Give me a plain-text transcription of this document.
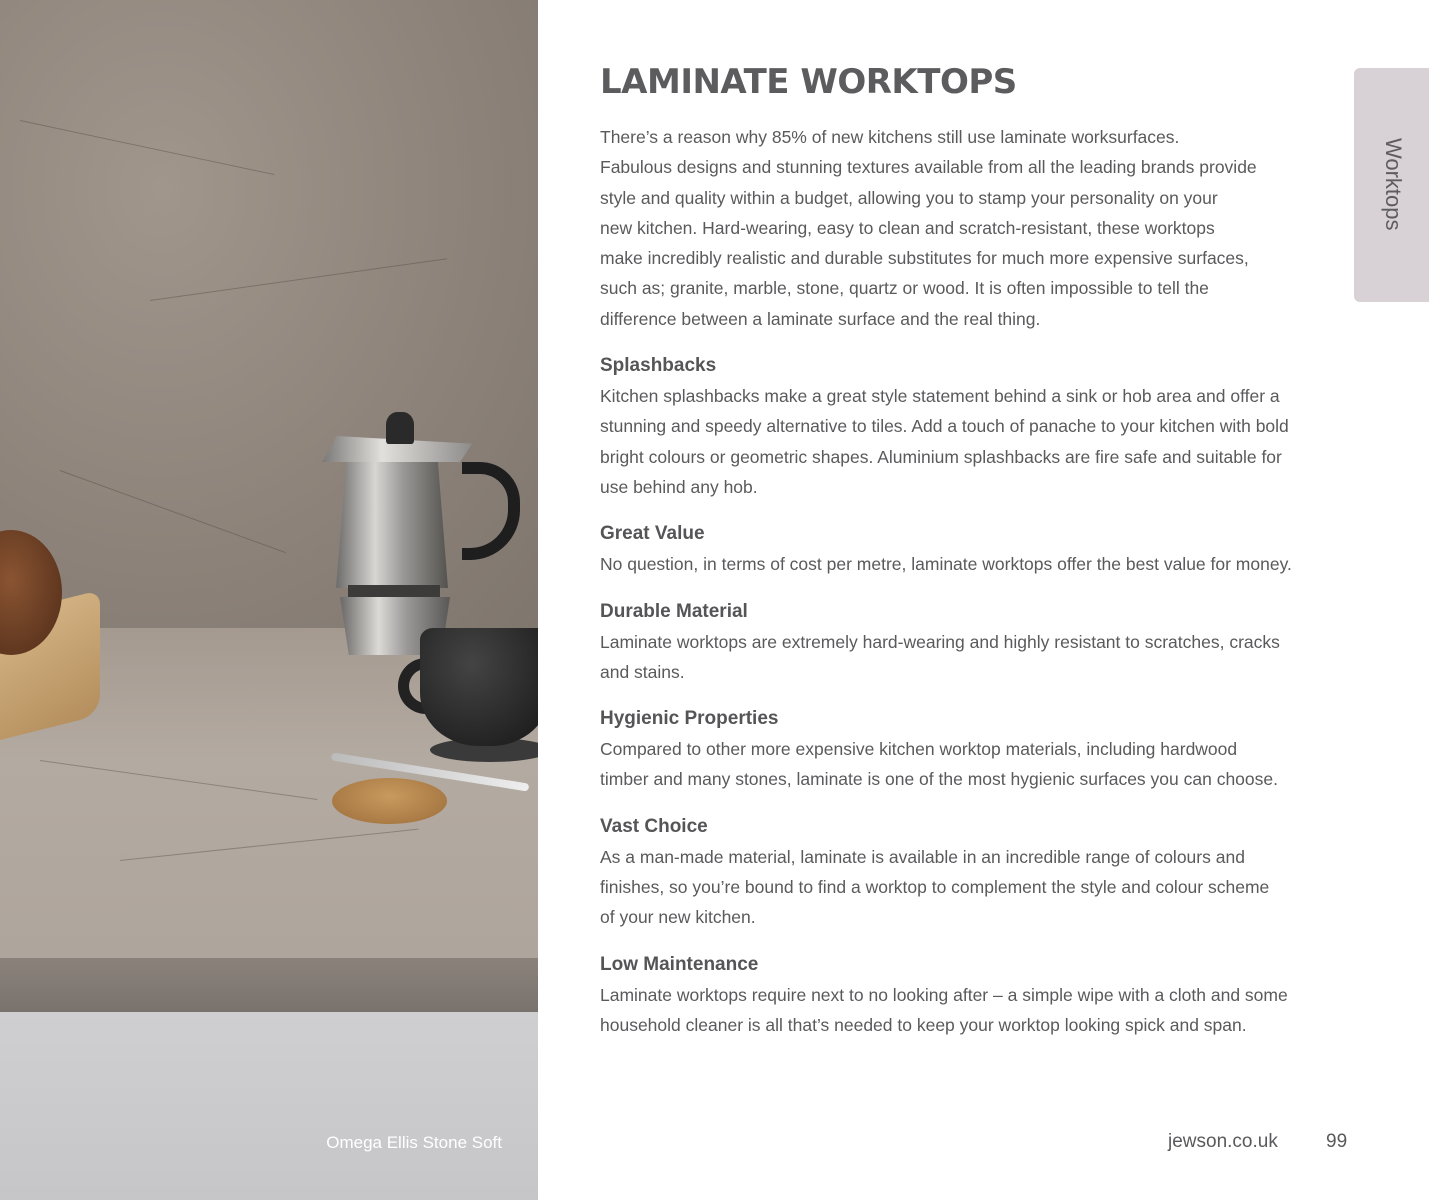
Omega Ellis Stone Soft
LAMINATE WORKTOPS
There’s a reason why 85% of new kitchens still use laminate worksurfaces.
Fabulous designs and stunning textures available from all the leading brands provide
style and quality within a budget, allowing you to stamp your personality on your
new kitchen. Hard-wearing, easy to clean and scratch-resistant, these worktops
make incredibly realistic and durable substitutes for much more expensive surfaces,
such as; granite, marble, stone, quartz or wood. It is often impossible to tell the
difference between a laminate surface and the real thing.
Splashbacks
Kitchen splashbacks make a great style statement behind a sink or hob area and offer a
stunning and speedy alternative to tiles. Add a touch of panache to your kitchen with bold
bright colours or geometric shapes. Aluminium splashbacks are fire safe and suitable for
use behind any hob.
Great Value
No question, in terms of cost per metre, laminate worktops offer the best value for money.
Durable Material
Laminate worktops are extremely hard-wearing and highly resistant to scratches, cracks
and stains.
Hygienic Properties
Compared to other more expensive kitchen worktop materials, including hardwood
timber and many stones, laminate is one of the most hygienic surfaces you can choose.
Vast Choice
As a man-made material, laminate is available in an incredible range of colours and
finishes, so you’re bound to find a worktop to complement the style and colour scheme
of your new kitchen.
Low Maintenance
Laminate worktops require next to no looking after – a simple wipe with a cloth and some
household cleaner is all that’s needed to keep your worktop looking spick and span.
Worktops
jewson.co.uk	99
